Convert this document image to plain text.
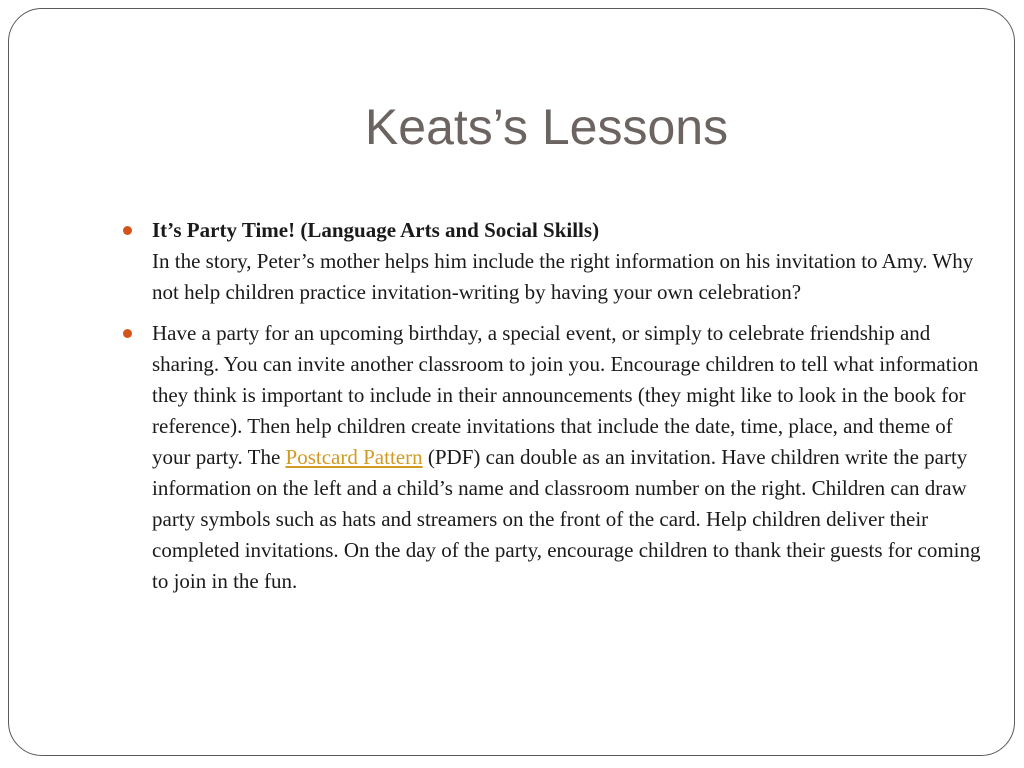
Keats’s Lessons
It’s Party Time! (Language Arts and Social Skills)
In the story, Peter’s mother helps him include the right information on his invitation to Amy. Why not help children practice invitation-writing by having your own celebration?
Have a party for an upcoming birthday, a special event, or simply to celebrate friendship and sharing. You can invite another classroom to join you. Encourage children to tell what information they think is important to include in their announcements (they might like to look in the book for reference). Then help children create invitations that include the date, time, place, and theme of your party. The Postcard Pattern (PDF) can double as an invitation. Have children write the party information on the left and a child’s name and classroom number on the right. Children can draw party symbols such as hats and streamers on the front of the card. Help children deliver their completed invitations. On the day of the party, encourage children to thank their guests for coming to join in the fun.
